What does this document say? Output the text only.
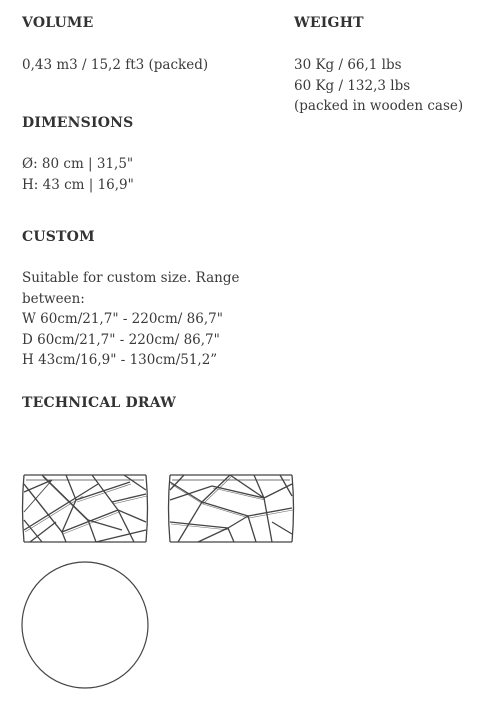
VOLUME
0,43 m3 / 15,2 ft3 (packed)
WEIGHT
30 Kg / 66,1 lbs
60 Kg / 132,3 lbs
(packed in wooden case)
DIMENSIONS
Ø: 80 cm | 31,5"
H: 43 cm | 16,9"
CUSTOM
Suitable for custom size. Range
between:
W 60cm/21,7" - 220cm/ 86,7"
D 60cm/21,7" - 220cm/ 86,7"
H 43cm/16,9" - 130cm/51,2”
TECHNICAL DRAW
